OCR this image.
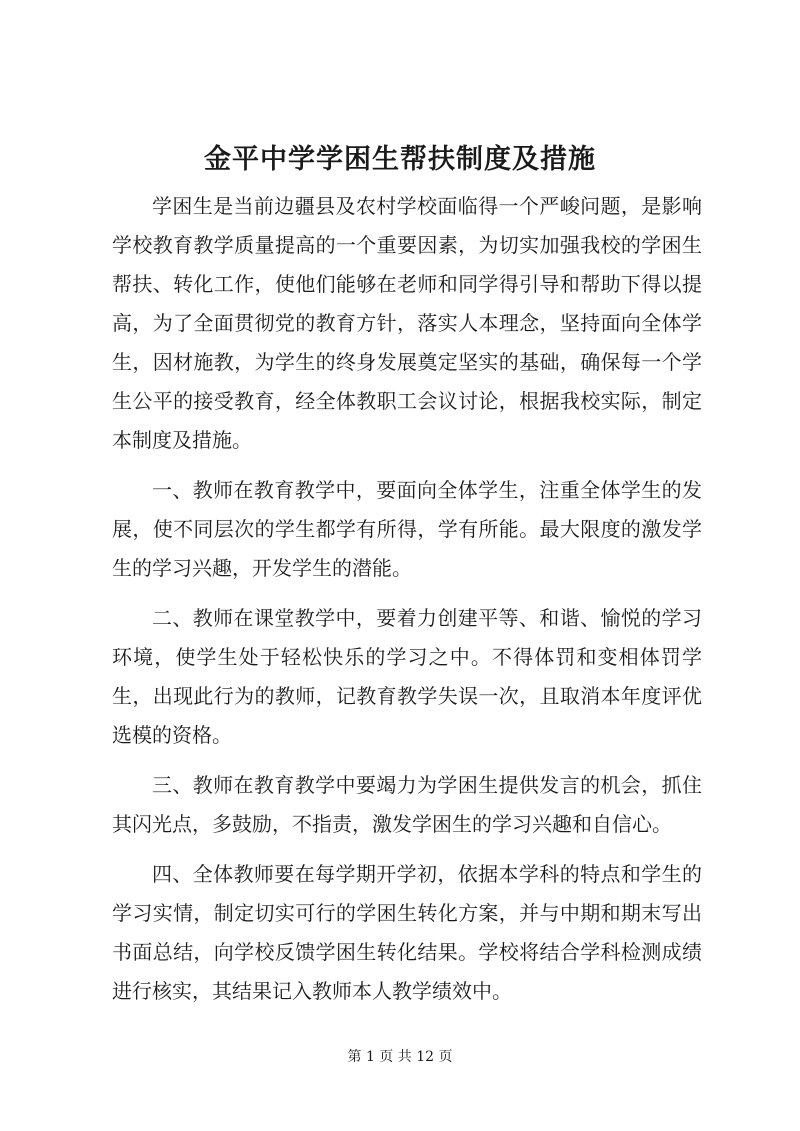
金平中学学困生帮扶制度及措施

学困生是当前边疆县及农村学校面临得一个严峻问题，是影响学校教育教学质量提高的一个重要因素，为切实加强我校的学困生帮扶、转化工作，使他们能够在老师和同学得引导和帮助下得以提高，为了全面贯彻党的教育方针，落实人本理念，坚持面向全体学生，因材施教，为学生的终身发展奠定坚实的基础，确保每一个学生公平的接受教育，经全体教职工会议讨论，根据我校实际，制定本制度及措施。

一、教师在教育教学中，要面向全体学生，注重全体学生的发展，使不同层次的学生都学有所得，学有所能。最大限度的激发学生的学习兴趣，开发学生的潜能。

二、教师在课堂教学中，要着力创建平等、和谐、愉悦的学习环境，使学生处于轻松快乐的学习之中。不得体罚和变相体罚学生，出现此行为的教师，记教育教学失误一次，且取消本年度评优选模的资格。

三、教师在教育教学中要竭力为学困生提供发言的机会，抓住其闪光点，多鼓励，不指责，激发学困生的学习兴趣和自信心。

四、全体教师要在每学期开学初，依据本学科的特点和学生的学习实情，制定切实可行的学困生转化方案，并与中期和期末写出书面总结，向学校反馈学困生转化结果。学校将结合学科检测成绩进行核实，其结果记入教师本人教学绩效中。

第 1 页 共 12 页
